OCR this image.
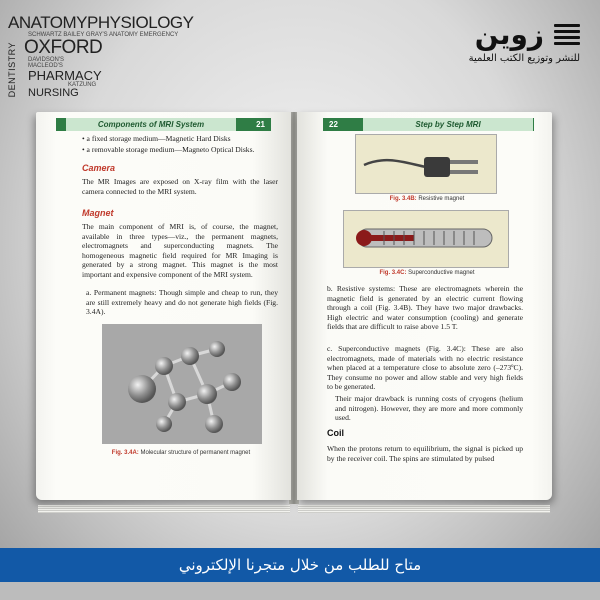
ANATOMYPHYSIOLOGY
SCHWARTZ BAILEY GRAY'S ANATOMY EMERGENCY
OXFORD
DAVIDSON'S
MACLEOD'S
PHARMACY
KATZUNG
NURSING
DENTISTRY
زوين
للنشر وتوزيع الكتب العلمية
Components of MRI System	21
• a fixed storage medium—Magnetic Hard Disks
• a removable storage medium—Magneto Optical Disks.
Camera
The MR Images are exposed on X-ray film with the laser camera connected to the MRI system.
Magnet
The main component of MRI is, of course, the magnet, available in three types—viz., the permanent magnets, electromagnets and superconducting magnets. The homogeneous magnetic field required for MR Imaging is generated by a strong magnet. This magnet is the most important and expensive component of the MRI system.
a. Permanent magnets: Though simple and cheap to run, they are still extremely heavy and do not generate high fields (Fig. 3.4A).
Fig. 3.4A: Molecular structure of permanent magnet
22	Step by Step MRI
Fig. 3.4B: Resistive magnet
Fig. 3.4C: Superconductive magnet
b. Resistive systems: These are electromagnets wherein the magnetic field is generated by an electric current flowing through a coil (Fig. 3.4B). They have two major drawbacks. High electric and water consumption (cooling) and generate fields that are difficult to raise above 1.5 T.
c. Superconductive magnets (Fig. 3.4C): These are also electromagnets, made of materials with no electric resistance when placed at a temperature close to absolute zero (–273ºC). They consume no power and allow stable and very high fields to be generated.
Their major drawback is running costs of cryogens (helium and nitrogen). However, they are more and more commonly used.
Coil
When the protons return to equilibrium, the signal is picked up by the receiver coil. The spins are stimulated by pulsed
متاح للطلب من خلال متجرنا الإلكتروني
